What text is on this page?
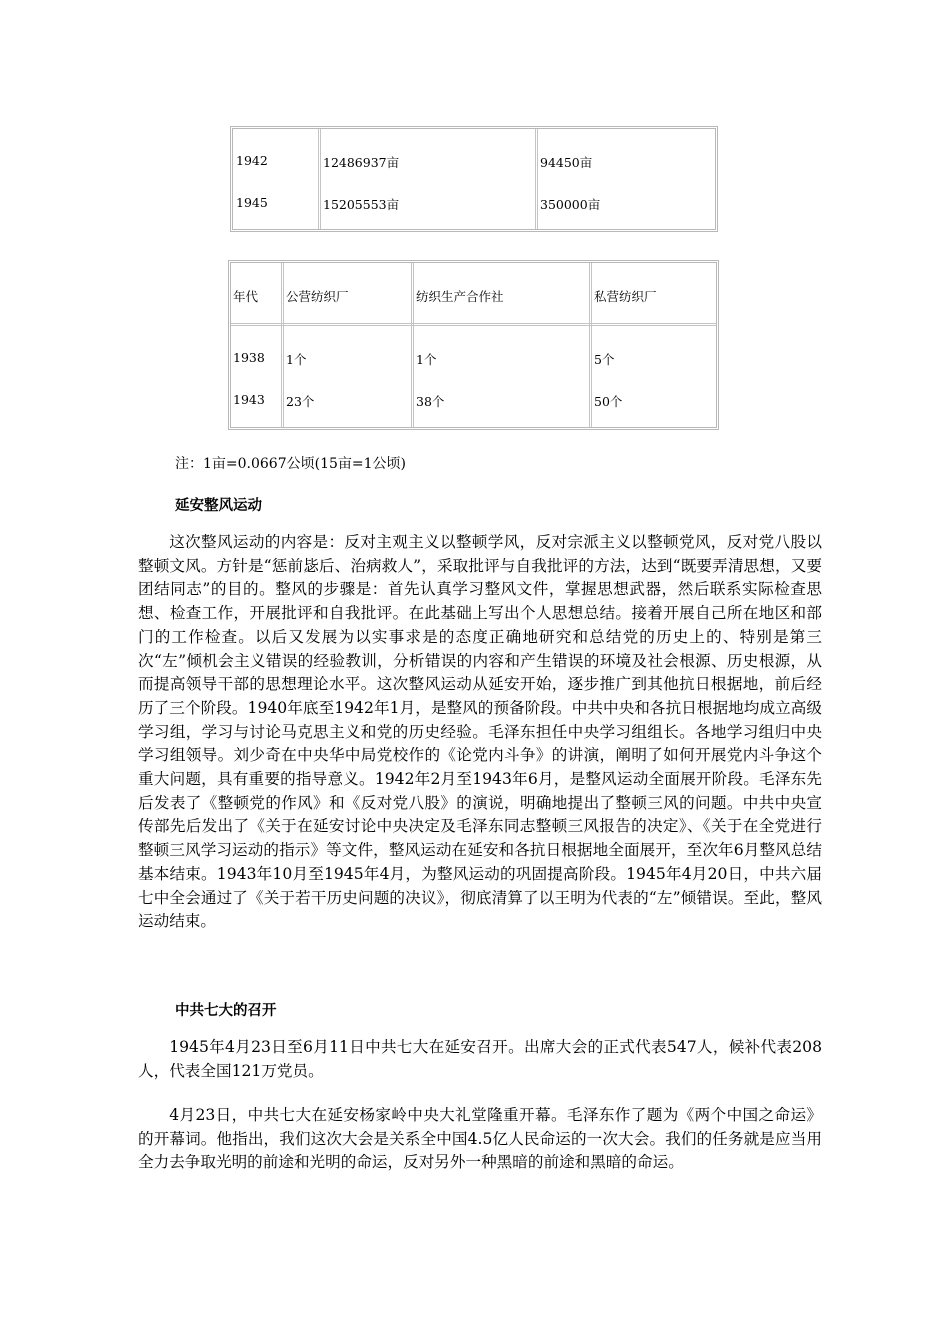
1942	12486937亩	94450亩
1945	15205553亩	350000亩
年代 公营纺织厂	纺织生产合作社	私营纺织厂
1938 1个	1个	5个
1943 23个	38个	50个
注：1亩=0.0667公顷(15亩=1公顷)
延安整风运动

这次整风运动的内容是：反对主观主义以整顿学风，反对宗派主义以整顿党风，反对党八股以整顿文风。方针是“惩前毖后、治病救人”，采取批评与自我批评的方法，达到“既要弄清思想，又要团结同志”的目的。整风的步骤是：首先认真学习整风文件，掌握思想武器，然后联系实际检查思想、检查工作，开展批评和自我批评。在此基础上写出个人思想总结。接着开展自己所在地区和部门的工作检查。以后又发展为以实事求是的态度正确地研究和总结党的历史上的、特别是第三次“左”倾机会主义错误的经验教训，分析错误的内容和产生错误的环境及社会根源、历史根源，从而提高领导干部的思想理论水平。这次整风运动从延安开始，逐步推广到其他抗日根据地，前后经历了三个阶段。1940年底至1942年1月，是整风的预备阶段。中共中央和各抗日根据地均成立高级学习组，学习与讨论马克思主义和党的历史经验。毛泽东担任中央学习组组长。各地学习组归中央学习组领导。刘少奇在中央华中局党校作的《论党内斗争》的讲演，阐明了如何开展党内斗争这个重大问题，具有重要的指导意义。1942年2月至1943年6月，是整风运动全面展开阶段。毛泽东先后发表了《整顿党的作风》和《反对党八股》的演说，明确地提出了整顿三风的问题。中共中央宣传部先后发出了《关于在延安讨论中央决定及毛泽东同志整顿三风报告的决定》、《关于在全党进行整顿三风学习运动的指示》等文件，整风运动在延安和各抗日根据地全面展开，至次年6月整风总结基本结束。1943年10月至1945年4月，为整风运动的巩固提高阶段。1945年4月20日，中共六届七中全会通过了《关于若干历史问题的决议》，彻底清算了以王明为代表的“左”倾错误。至此，整风运动结束。

中共七大的召开

1945年4月23日至6月11日中共七大在延安召开。出席大会的正式代表547人，候补代表208人，代表全国121万党员。

4月23日，中共七大在延安杨家岭中央大礼堂隆重开幕。毛泽东作了题为《两个中国之命运》的开幕词。他指出，我们这次大会是关系全中国4.5亿人民命运的一次大会。我们的任务就是应当用全力去争取光明的前途和光明的命运，反对另外一种黑暗的前途和黑暗的命运。
